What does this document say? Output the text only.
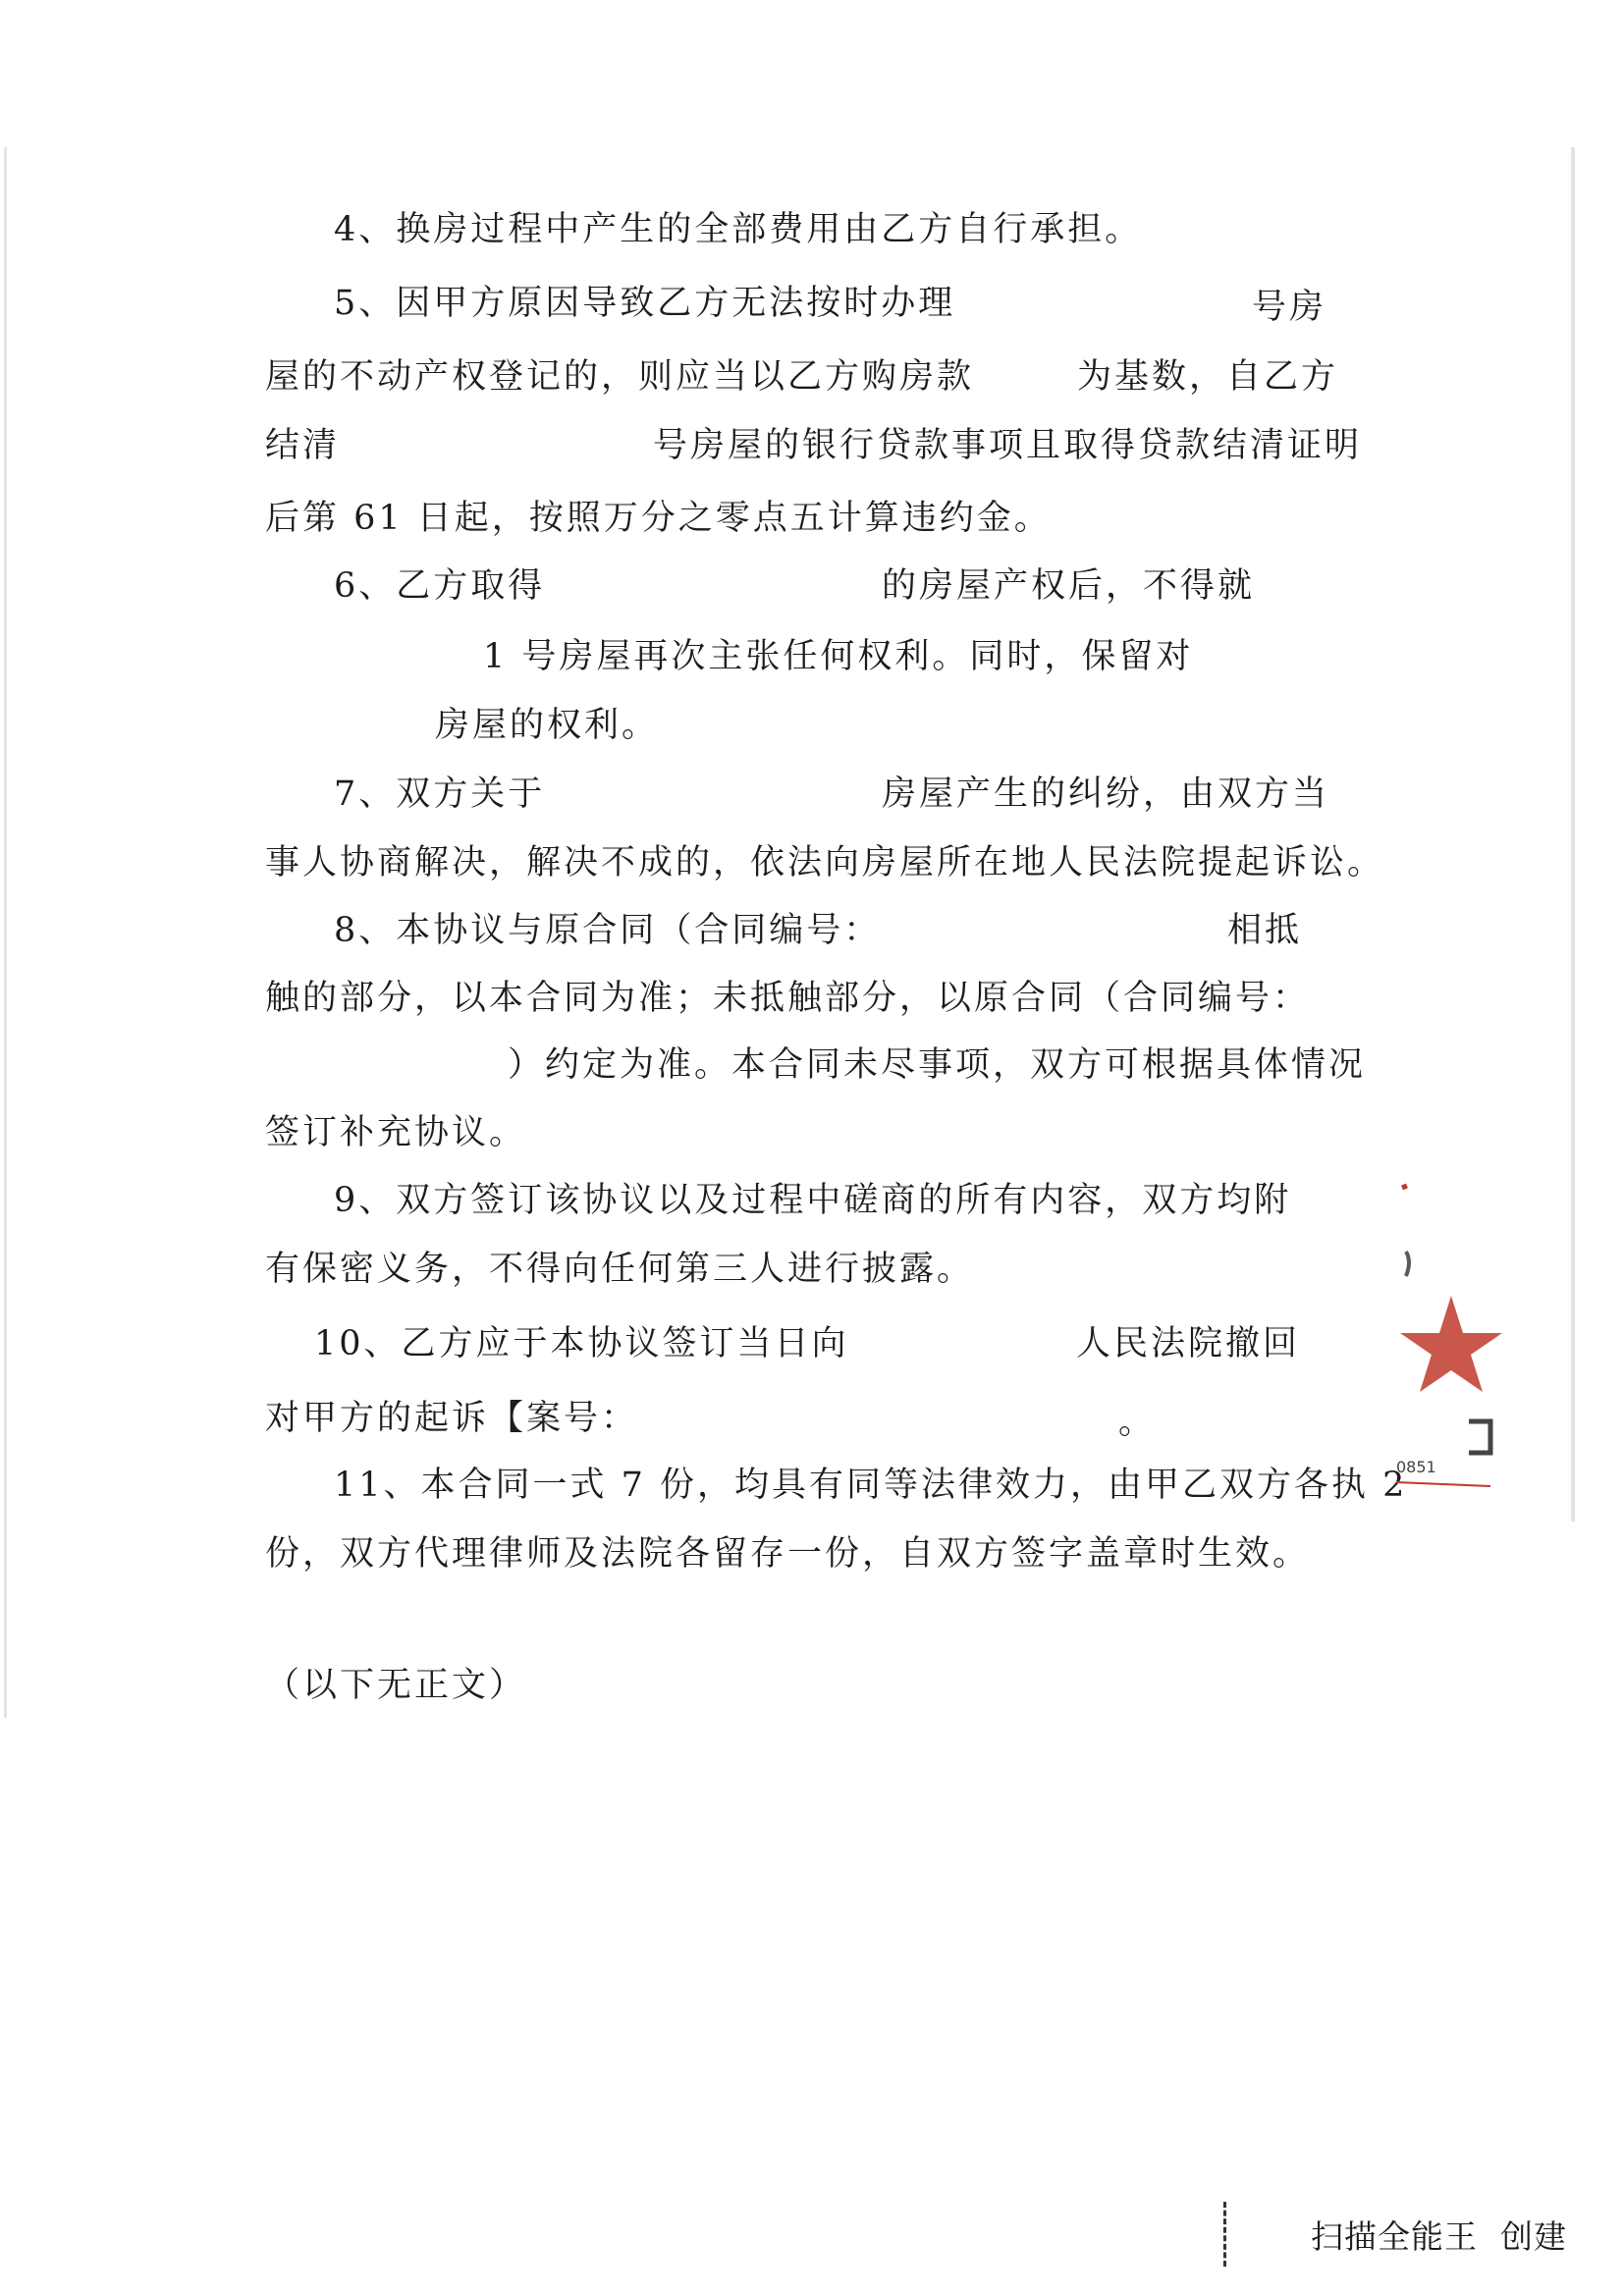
4、换房过程中产生的全部费用由乙方自行承担。
5、因甲方原因导致乙方无法按时办理	号房
屋的不动产权登记的，则应当以乙方购房款	为基数，自乙方
结清	号房屋的银行贷款事项且取得贷款结清证明
后第 61 日起，按照万分之零点五计算违约金。
6、乙方取得	的房屋产权后，不得就
1 号房屋再次主张任何权利。同时，保留对
房屋的权利。
7、双方关于	房屋产生的纠纷，由双方当
事人协商解决，解决不成的，依法向房屋所在地人民法院提起诉讼。
8、本协议与原合同（合同编号：	相抵
触的部分，以本合同为准；未抵触部分，以原合同（合同编号：
）约定为准。本合同未尽事项，双方可根据具体情况
签订补充协议。
9、双方签订该协议以及过程中磋商的所有内容，双方均附
有保密义务，不得向任何第三人进行披露。
10、乙方应于本协议签订当日向	人民法院撤回
对甲方的起诉【案号：	。
11、本合同一式 7 份，均具有同等法律效力，由甲乙双方各执 2
份，双方代理律师及法院各留存一份，自双方签字盖章时生效。
（以下无正文）
0851
扫描全能王  创建
